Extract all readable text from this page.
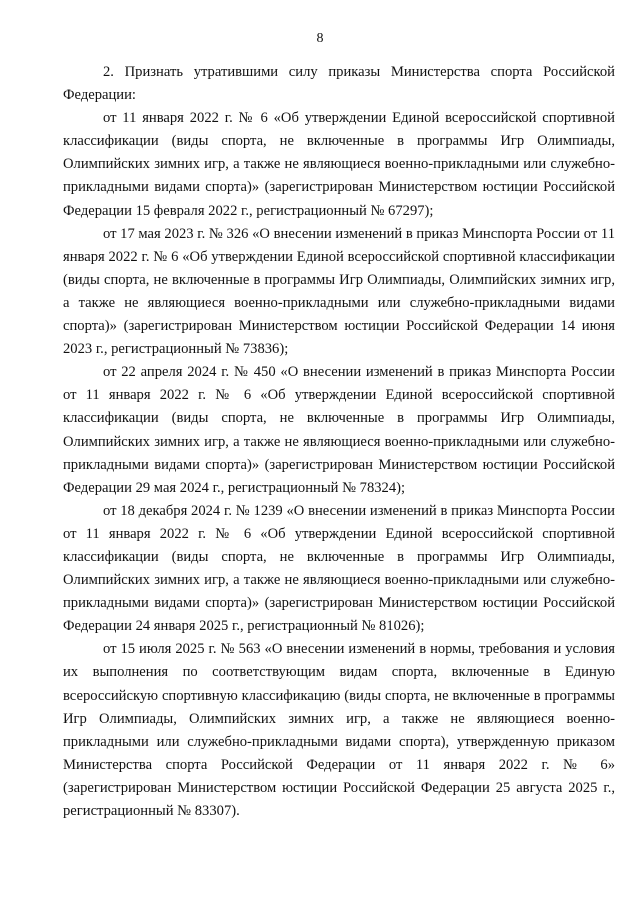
8

2. Признать утратившими силу приказы Министерства спорта Российской Федерации:

от 11 января 2022 г. № 6 «Об утверждении Единой всероссийской спортивной классификации (виды спорта, не включенные в программы Игр Олимпиады, Олимпийских зимних игр, а также не являющиеся военно-прикладными или служебно-прикладными видами спорта)» (зарегистрирован Министерством юстиции Российской Федерации 15 февраля 2022 г., регистрационный № 67297);

от 17 мая 2023 г. № 326 «О внесении изменений в приказ Минспорта России от 11 января 2022 г. № 6 «Об утверждении Единой всероссийской спортивной классификации (виды спорта, не включенные в программы Игр Олимпиады, Олимпийских зимних игр, а также не являющиеся военно-прикладными или служебно-прикладными видами спорта)» (зарегистрирован Министерством юстиции Российской Федерации 14 июня 2023 г., регистрационный № 73836);

от 22 апреля 2024 г. № 450 «О внесении изменений в приказ Минспорта России от 11 января 2022 г. № 6 «Об утверждении Единой всероссийской спортивной классификации (виды спорта, не включенные в программы Игр Олимпиады, Олимпийских зимних игр, а также не являющиеся военно-прикладными или служебно-прикладными видами спорта)» (зарегистрирован Министерством юстиции Российской Федерации 29 мая 2024 г., регистрационный № 78324);

от 18 декабря 2024 г. № 1239 «О внесении изменений в приказ Минспорта России от 11 января 2022 г. № 6 «Об утверждении Единой всероссийской спортивной классификации (виды спорта, не включенные в программы Игр Олимпиады, Олимпийских зимних игр, а также не являющиеся военно-прикладными или служебно-прикладными видами спорта)» (зарегистрирован Министерством юстиции Российской Федерации 24 января 2025 г., регистрационный № 81026);

от 15 июля 2025 г. № 563 «О внесении изменений в нормы, требования и условия их выполнения по соответствующим видам спорта, включенные в Единую всероссийскую спортивную классификацию (виды спорта, не включенные в программы Игр Олимпиады, Олимпийских зимних игр, а также не являющиеся военно-прикладными или служебно-прикладными видами спорта), утвержденную приказом Министерства спорта Российской Федерации от 11 января 2022 г. № 6» (зарегистрирован Министерством юстиции Российской Федерации 25 августа 2025 г., регистрационный № 83307).
